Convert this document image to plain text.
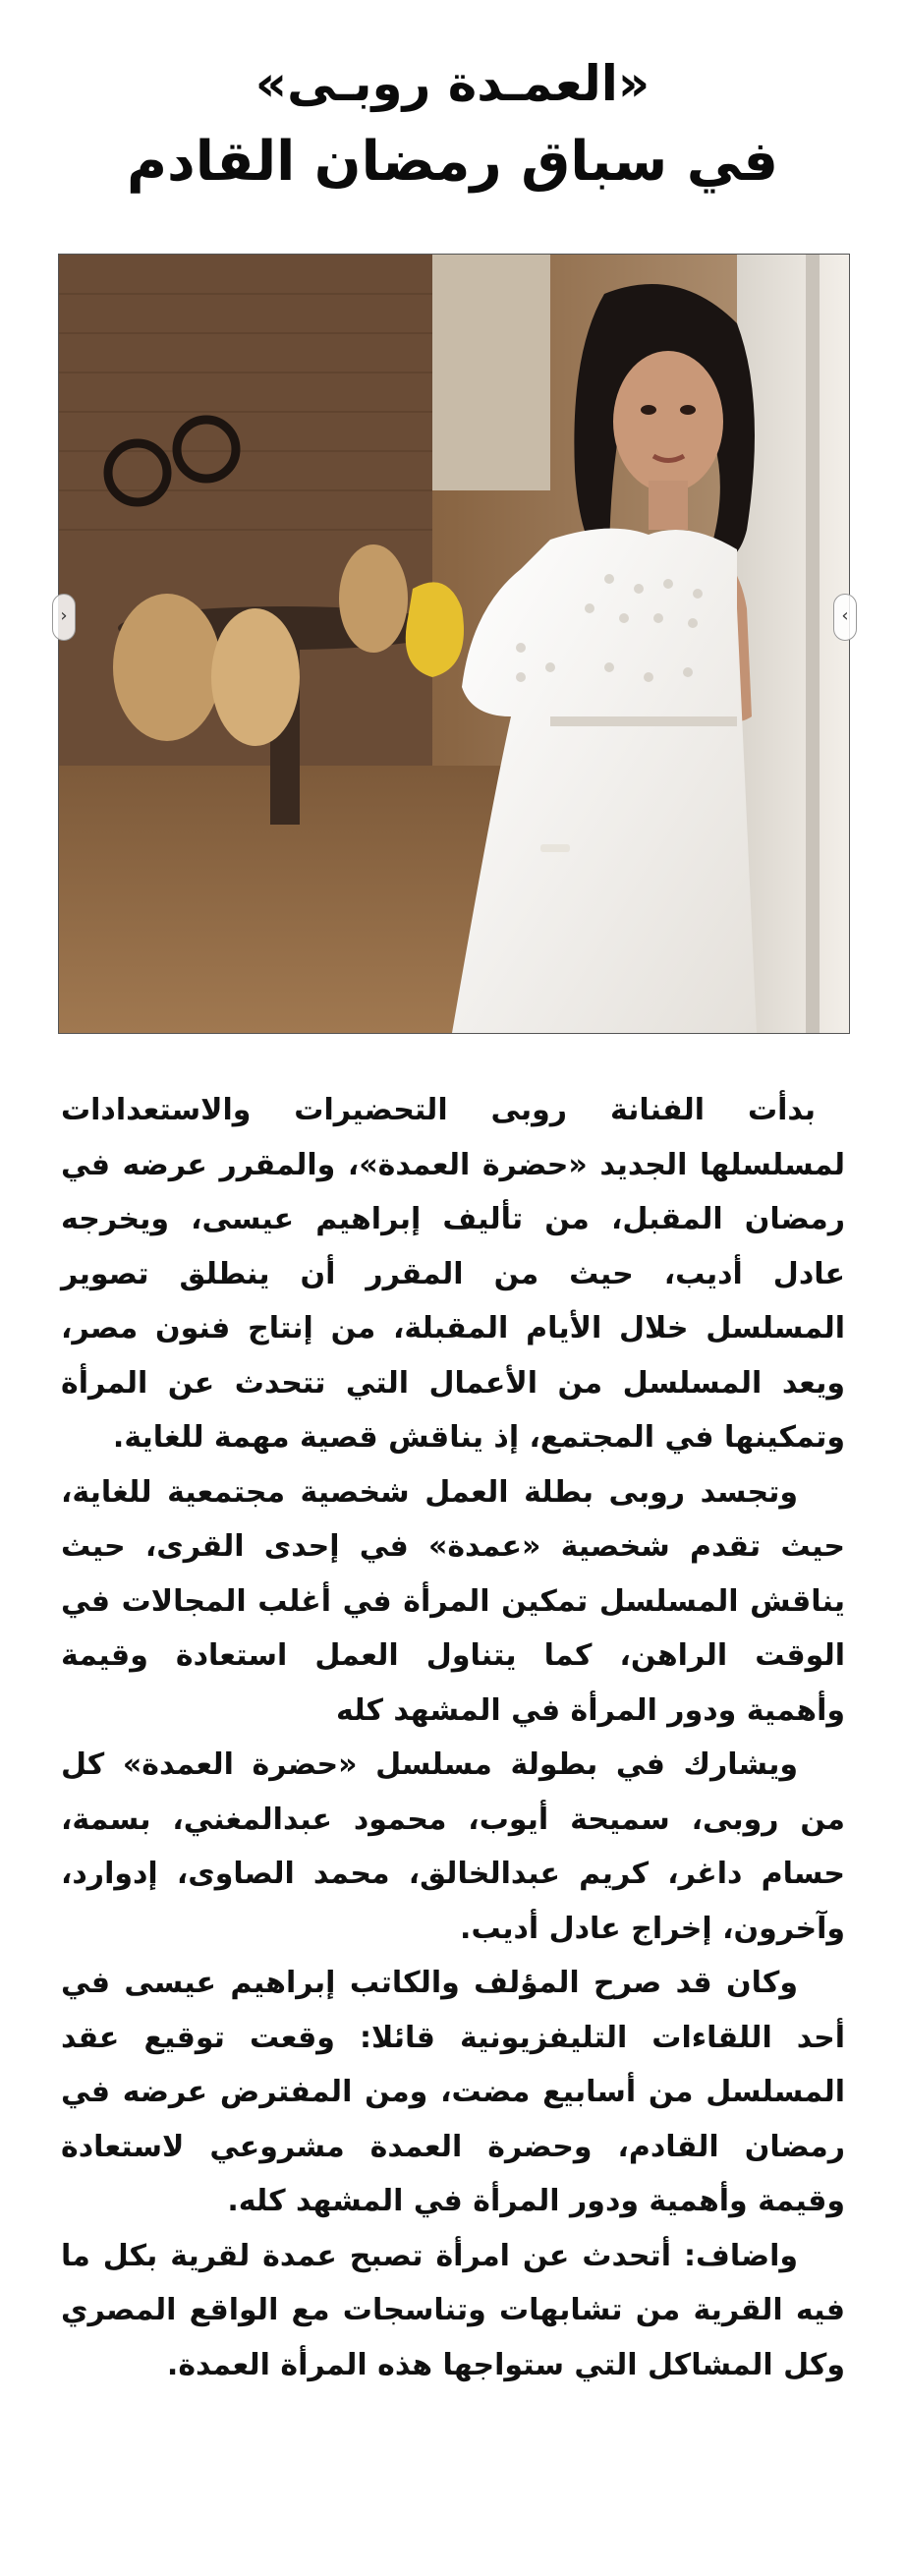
«العمـدة روبـى»
في سباق رمضان القادم
‹	›

بدأت الفنانة روبى التحضيرات والاستعدادات لمسلسلها الجديد «حضرة العمدة»، والمقرر عرضه في رمضان المقبل، من تأليف إبراهيم عيسى، ويخرجه عادل أديب، حيث من المقرر أن ينطلق تصوير المسلسل خلال الأيام المقبلة، من إنتاج فنون مصر، ويعد المسلسل من الأعمال التي تتحدث عن المرأة وتمكينها في المجتمع، إذ يناقش قصية مهمة للغاية.

وتجسد روبى بطلة العمل شخصية مجتمعية للغاية، حيث تقدم شخصية «عمدة» في إحدى القرى، حيث يناقش المسلسل تمكين المرأة في أغلب المجالات في الوقت الراهن، كما يتناول العمل استعادة وقيمة وأهمية ودور المرأة في المشهد كله

ويشارك في بطولة مسلسل «حضرة العمدة» كل من روبى، سميحة أيوب، محمود عبدالمغني، بسمة، حسام داغر، كريم عبدالخالق، محمد الصاوى، إدوارد، وآخرون، إخراج عادل أديب.

وكان قد صرح المؤلف والكاتب إبراهيم عيسى في أحد اللقاءات التليفزيونية قائلا: وقعت توقيع عقد المسلسل من أسابيع مضت، ومن المفترض عرضه في رمضان القادم، وحضرة العمدة مشروعي لاستعادة وقيمة وأهمية ودور المرأة في المشهد كله.

واضاف: أتحدث عن امرأة تصبح عمدة لقرية بكل ما فيه القرية من تشابهات وتناسجات مع الواقع المصري وكل المشاكل التي ستواجها هذه المرأة العمدة.
